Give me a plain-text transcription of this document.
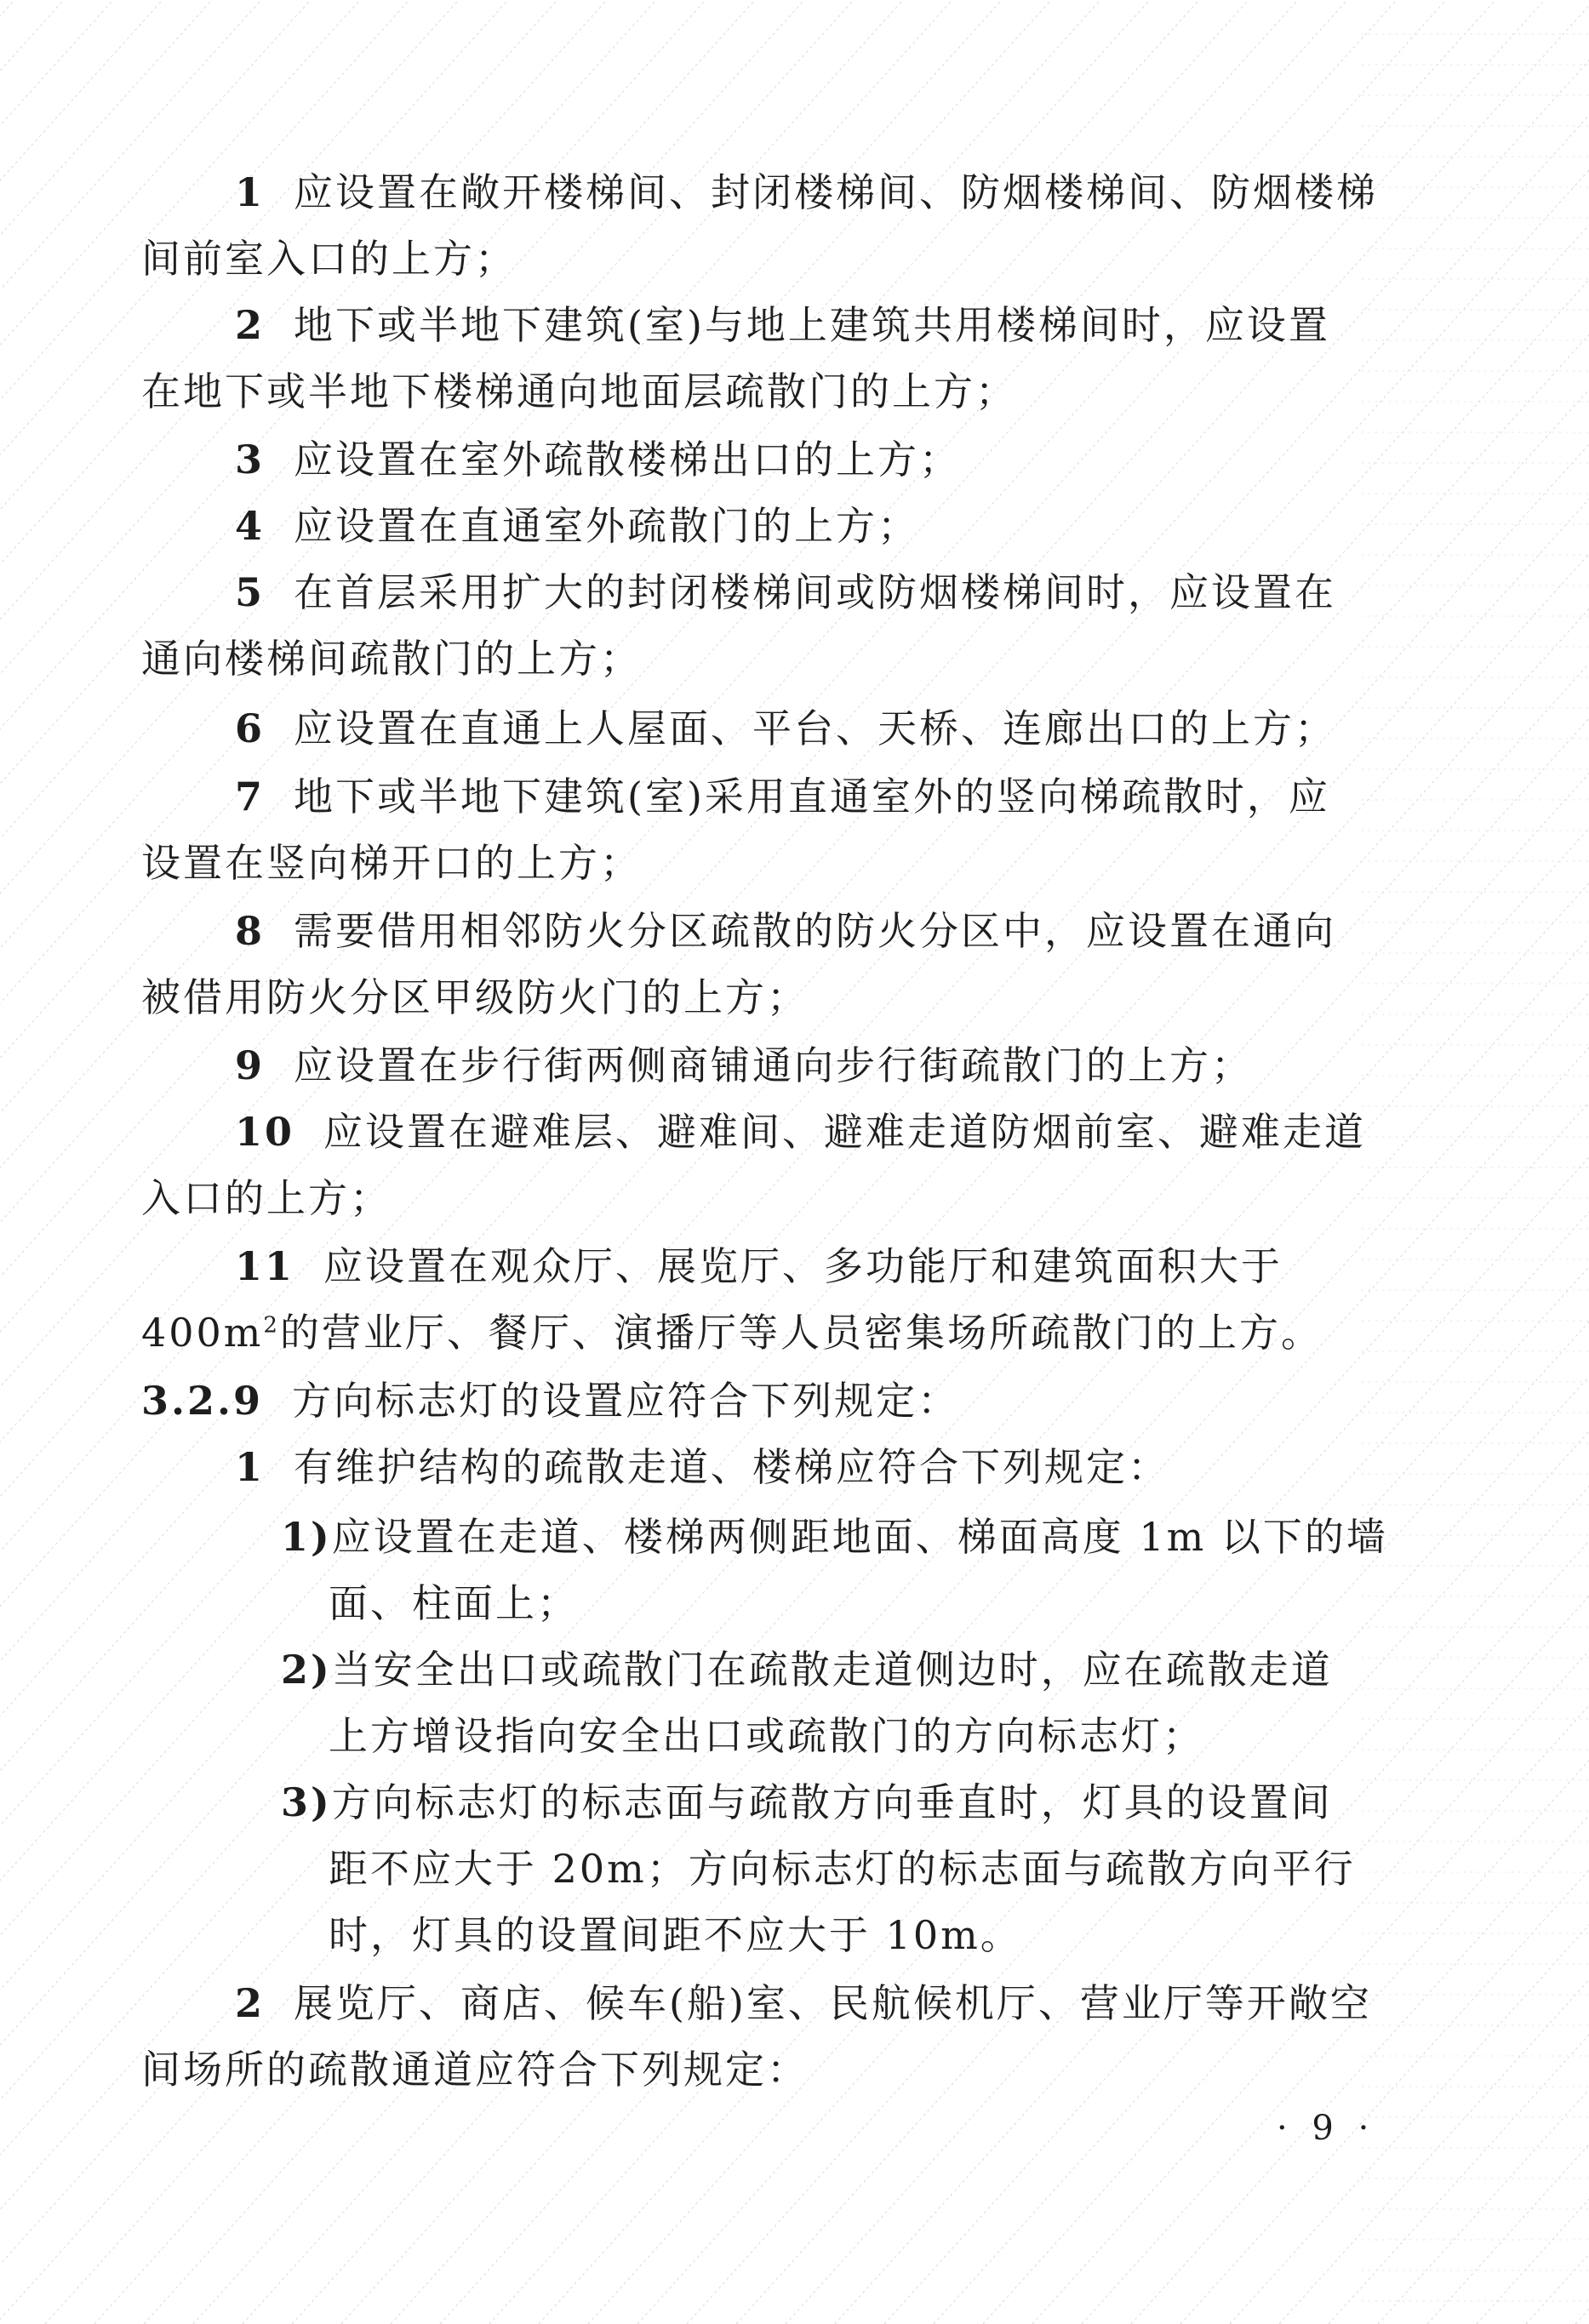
1 应设置在敞开楼梯间、封闭楼梯间、防烟楼梯间、防烟楼梯
间前室入口的上方；
2 地下或半地下建筑(室)与地上建筑共用楼梯间时，应设置
在地下或半地下楼梯通向地面层疏散门的上方；
3 应设置在室外疏散楼梯出口的上方；
4 应设置在直通室外疏散门的上方；
5 在首层采用扩大的封闭楼梯间或防烟楼梯间时，应设置在
通向楼梯间疏散门的上方；
6 应设置在直通上人屋面、平台、天桥、连廊出口的上方；
7 地下或半地下建筑(室)采用直通室外的竖向梯疏散时，应
设置在竖向梯开口的上方；
8 需要借用相邻防火分区疏散的防火分区中，应设置在通向
被借用防火分区甲级防火门的上方；
9 应设置在步行街两侧商铺通向步行街疏散门的上方；
10 应设置在避难层、避难间、避难走道防烟前室、避难走道
入口的上方；
11 应设置在观众厅、展览厅、多功能厅和建筑面积大于
$400m^2$的营业厅、餐厅、演播厅等人员密集场所疏散门的上方。
3.2.9 方向标志灯的设置应符合下列规定：
1 有维护结构的疏散走道、楼梯应符合下列规定：
1)应设置在走道、楼梯两侧距地面、梯面高度 1m 以下的墙
面、柱面上；
2)当安全出口或疏散门在疏散走道侧边时，应在疏散走道
上方增设指向安全出口或疏散门的方向标志灯；
3)方向标志灯的标志面与疏散方向垂直时，灯具的设置间
距不应大于 20m；方向标志灯的标志面与疏散方向平行
时，灯具的设置间距不应大于 10m。
2 展览厅、商店、候车(船)室、民航候机厅、营业厅等开敞空
间场所的疏散通道应符合下列规定：
· 9 ·
